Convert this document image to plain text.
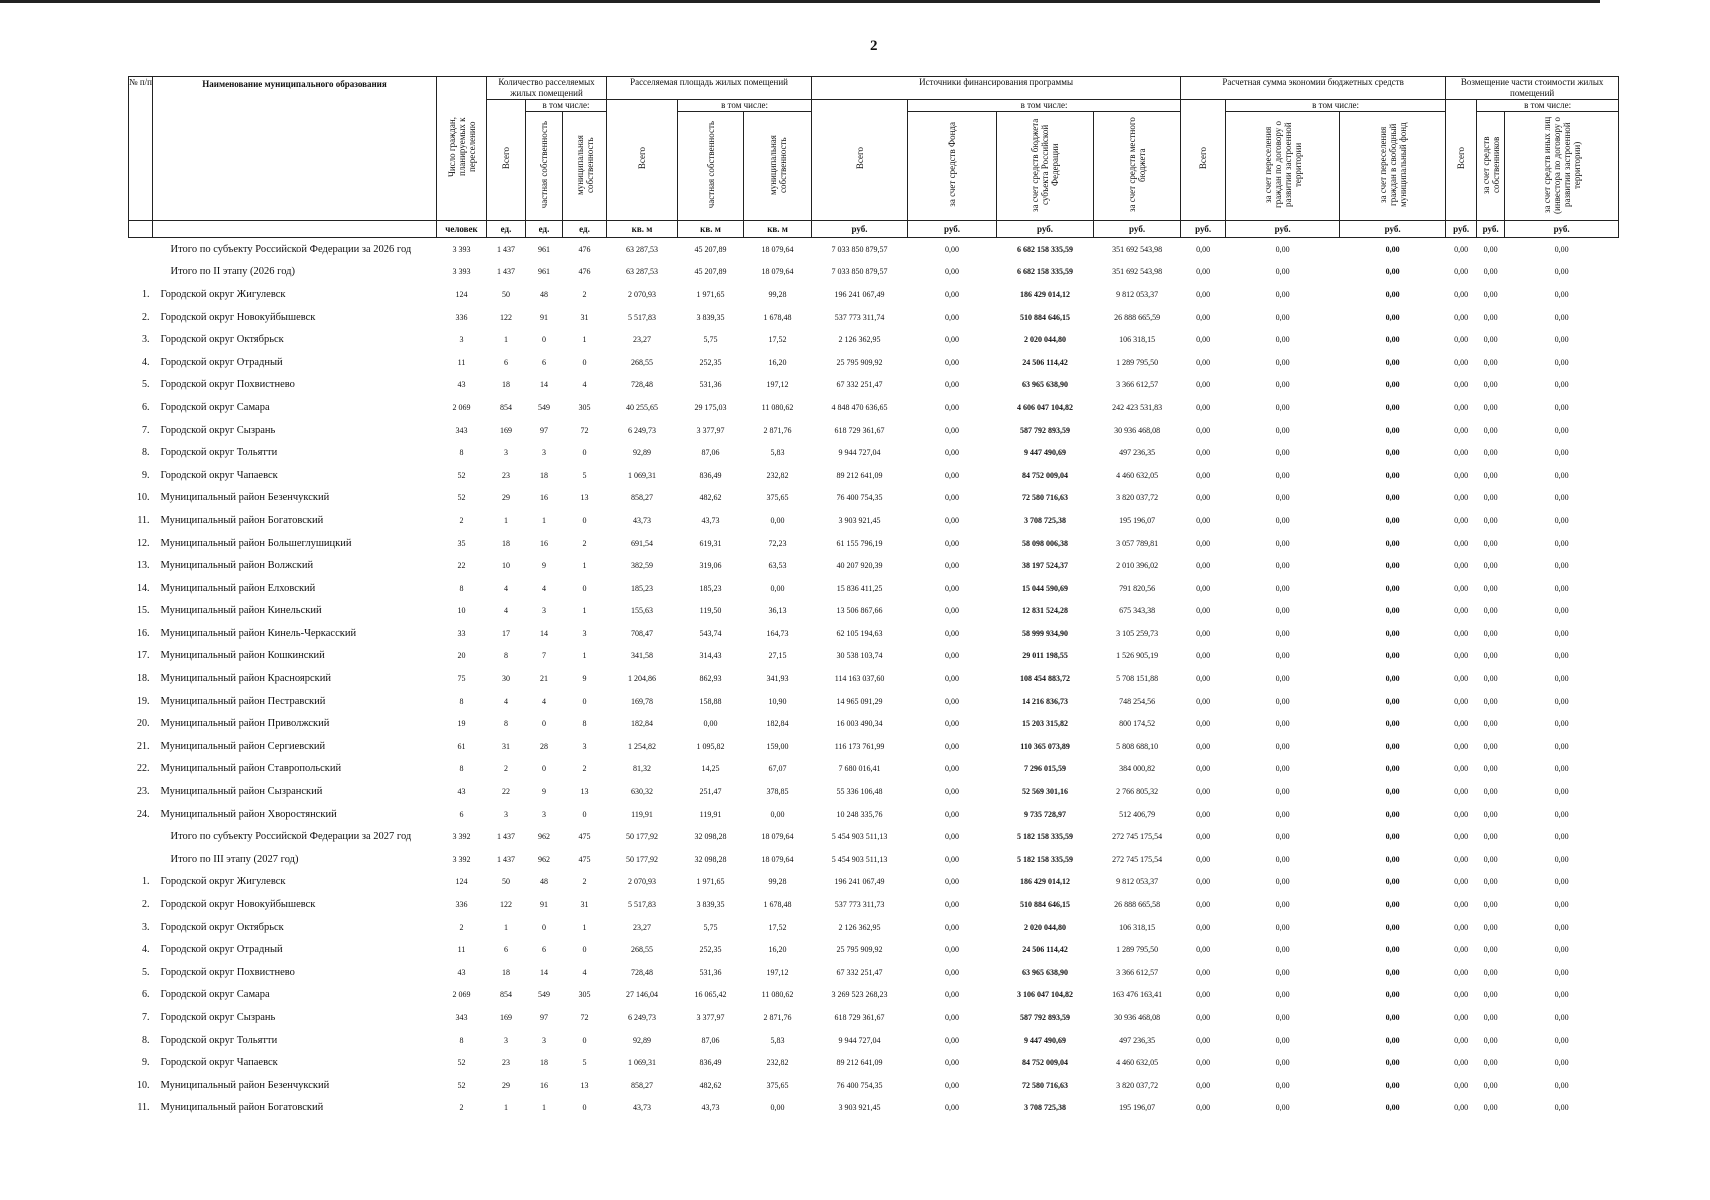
2
№ п/п	Наименование муниципального образования	Число граждан, планируемых к переселению	Количество расселяемых жилых помещений			Расселяемая площадь жилых помещений			Источники финансирования программы				Расчетная сумма экономии бюджетных средств			Возмещение части стоимости жилых помещений		
			Всего	в том числе:		Всего	в том числе:		Всего	в том числе:			Всего	в том числе:		Всего	в том числе:	
				частная собственность	муниципальная собственность		частная собственность	муниципальная собственность		за счет средств Фонда	за счет средств бюджета субъекта Российской Федерации	за счет средств местного бюджета		за счет переселения граждан по договору о развитии застроенной территории	за счет переселения граждан в свободный муниципальный фонд		за счет средств собственников	за счет средств иных лиц (инвестора по договору о развитии застроенной территории)
		человек	ед.	ед.	ед.	кв. м	кв. м	кв. м	руб.	руб.	руб.	руб.	руб.	руб.	руб.	руб.	руб.	руб.
	Итого по субъекту Российской Федерации за 2026 год	3 393	1 437	961	476	63 287,53	45 207,89	18 079,64	7 033 850 879,57	0,00	6 682 158 335,59	351 692 543,98	0,00	0,00	0,00	0,00	0,00	0,00
	Итого по II этапу (2026 год)	3 393	1 437	961	476	63 287,53	45 207,89	18 079,64	7 033 850 879,57	0,00	6 682 158 335,59	351 692 543,98	0,00	0,00	0,00	0,00	0,00	0,00
1.	Городской округ Жигулевск	124	50	48	2	2 070,93	1 971,65	99,28	196 241 067,49	0,00	186 429 014,12	9 812 053,37	0,00	0,00	0,00	0,00	0,00	0,00
2.	Городской округ Новокуйбышевск	336	122	91	31	5 517,83	3 839,35	1 678,48	537 773 311,74	0,00	510 884 646,15	26 888 665,59	0,00	0,00	0,00	0,00	0,00	0,00
3.	Городской округ Октябрьск	3	1	0	1	23,27	5,75	17,52	2 126 362,95	0,00	2 020 044,80	106 318,15	0,00	0,00	0,00	0,00	0,00	0,00
4.	Городской округ Отрадный	11	6	6	0	268,55	252,35	16,20	25 795 909,92	0,00	24 506 114,42	1 289 795,50	0,00	0,00	0,00	0,00	0,00	0,00
5.	Городской округ Похвистнево	43	18	14	4	728,48	531,36	197,12	67 332 251,47	0,00	63 965 638,90	3 366 612,57	0,00	0,00	0,00	0,00	0,00	0,00
6.	Городской округ Самара	2 069	854	549	305	40 255,65	29 175,03	11 080,62	4 848 470 636,65	0,00	4 606 047 104,82	242 423 531,83	0,00	0,00	0,00	0,00	0,00	0,00
7.	Городской округ Сызрань	343	169	97	72	6 249,73	3 377,97	2 871,76	618 729 361,67	0,00	587 792 893,59	30 936 468,08	0,00	0,00	0,00	0,00	0,00	0,00
8.	Городской округ Тольятти	8	3	3	0	92,89	87,06	5,83	9 944 727,04	0,00	9 447 490,69	497 236,35	0,00	0,00	0,00	0,00	0,00	0,00
9.	Городской округ Чапаевск	52	23	18	5	1 069,31	836,49	232,82	89 212 641,09	0,00	84 752 009,04	4 460 632,05	0,00	0,00	0,00	0,00	0,00	0,00
10.	Муниципальный район Безенчукский	52	29	16	13	858,27	482,62	375,65	76 400 754,35	0,00	72 580 716,63	3 820 037,72	0,00	0,00	0,00	0,00	0,00	0,00
11.	Муниципальный район Богатовский	2	1	1	0	43,73	43,73	0,00	3 903 921,45	0,00	3 708 725,38	195 196,07	0,00	0,00	0,00	0,00	0,00	0,00
12.	Муниципальный район Большеглушицкий	35	18	16	2	691,54	619,31	72,23	61 155 796,19	0,00	58 098 006,38	3 057 789,81	0,00	0,00	0,00	0,00	0,00	0,00
13.	Муниципальный район Волжский	22	10	9	1	382,59	319,06	63,53	40 207 920,39	0,00	38 197 524,37	2 010 396,02	0,00	0,00	0,00	0,00	0,00	0,00
14.	Муниципальный район Елховский	8	4	4	0	185,23	185,23	0,00	15 836 411,25	0,00	15 044 590,69	791 820,56	0,00	0,00	0,00	0,00	0,00	0,00
15.	Муниципальный район Кинельский	10	4	3	1	155,63	119,50	36,13	13 506 867,66	0,00	12 831 524,28	675 343,38	0,00	0,00	0,00	0,00	0,00	0,00
16.	Муниципальный район Кинель-Черкасский	33	17	14	3	708,47	543,74	164,73	62 105 194,63	0,00	58 999 934,90	3 105 259,73	0,00	0,00	0,00	0,00	0,00	0,00
17.	Муниципальный район Кошкинский	20	8	7	1	341,58	314,43	27,15	30 538 103,74	0,00	29 011 198,55	1 526 905,19	0,00	0,00	0,00	0,00	0,00	0,00
18.	Муниципальный район Красноярский	75	30	21	9	1 204,86	862,93	341,93	114 163 037,60	0,00	108 454 883,72	5 708 151,88	0,00	0,00	0,00	0,00	0,00	0,00
19.	Муниципальный район Пестравский	8	4	4	0	169,78	158,88	10,90	14 965 091,29	0,00	14 216 836,73	748 254,56	0,00	0,00	0,00	0,00	0,00	0,00
20.	Муниципальный район Приволжский	19	8	0	8	182,84	0,00	182,84	16 003 490,34	0,00	15 203 315,82	800 174,52	0,00	0,00	0,00	0,00	0,00	0,00
21.	Муниципальный район Сергиевский	61	31	28	3	1 254,82	1 095,82	159,00	116 173 761,99	0,00	110 365 073,89	5 808 688,10	0,00	0,00	0,00	0,00	0,00	0,00
22.	Муниципальный район Ставропольский	8	2	0	2	81,32	14,25	67,07	7 680 016,41	0,00	7 296 015,59	384 000,82	0,00	0,00	0,00	0,00	0,00	0,00
23.	Муниципальный район Сызранский	43	22	9	13	630,32	251,47	378,85	55 336 106,48	0,00	52 569 301,16	2 766 805,32	0,00	0,00	0,00	0,00	0,00	0,00
24.	Муниципальный район Хворостянский	6	3	3	0	119,91	119,91	0,00	10 248 335,76	0,00	9 735 728,97	512 406,79	0,00	0,00	0,00	0,00	0,00	0,00
	Итого по субъекту Российской Федерации за 2027 год	3 392	1 437	962	475	50 177,92	32 098,28	18 079,64	5 454 903 511,13	0,00	5 182 158 335,59	272 745 175,54	0,00	0,00	0,00	0,00	0,00	0,00
	Итого по III этапу (2027 год)	3 392	1 437	962	475	50 177,92	32 098,28	18 079,64	5 454 903 511,13	0,00	5 182 158 335,59	272 745 175,54	0,00	0,00	0,00	0,00	0,00	0,00
1.	Городской округ Жигулевск	124	50	48	2	2 070,93	1 971,65	99,28	196 241 067,49	0,00	186 429 014,12	9 812 053,37	0,00	0,00	0,00	0,00	0,00	0,00
2.	Городской округ Новокуйбышевск	336	122	91	31	5 517,83	3 839,35	1 678,48	537 773 311,73	0,00	510 884 646,15	26 888 665,58	0,00	0,00	0,00	0,00	0,00	0,00
3.	Городской округ Октябрьск	2	1	0	1	23,27	5,75	17,52	2 126 362,95	0,00	2 020 044,80	106 318,15	0,00	0,00	0,00	0,00	0,00	0,00
4.	Городской округ Отрадный	11	6	6	0	268,55	252,35	16,20	25 795 909,92	0,00	24 506 114,42	1 289 795,50	0,00	0,00	0,00	0,00	0,00	0,00
5.	Городской округ Похвистнево	43	18	14	4	728,48	531,36	197,12	67 332 251,47	0,00	63 965 638,90	3 366 612,57	0,00	0,00	0,00	0,00	0,00	0,00
6.	Городской округ Самара	2 069	854	549	305	27 146,04	16 065,42	11 080,62	3 269 523 268,23	0,00	3 106 047 104,82	163 476 163,41	0,00	0,00	0,00	0,00	0,00	0,00
7.	Городской округ Сызрань	343	169	97	72	6 249,73	3 377,97	2 871,76	618 729 361,67	0,00	587 792 893,59	30 936 468,08	0,00	0,00	0,00	0,00	0,00	0,00
8.	Городской округ Тольятти	8	3	3	0	92,89	87,06	5,83	9 944 727,04	0,00	9 447 490,69	497 236,35	0,00	0,00	0,00	0,00	0,00	0,00
9.	Городской округ Чапаевск	52	23	18	5	1 069,31	836,49	232,82	89 212 641,09	0,00	84 752 009,04	4 460 632,05	0,00	0,00	0,00	0,00	0,00	0,00
10.	Муниципальный район Безенчукский	52	29	16	13	858,27	482,62	375,65	76 400 754,35	0,00	72 580 716,63	3 820 037,72	0,00	0,00	0,00	0,00	0,00	0,00
11.	Муниципальный район Богатовский	2	1	1	0	43,73	43,73	0,00	3 903 921,45	0,00	3 708 725,38	195 196,07	0,00	0,00	0,00	0,00	0,00	0,00
